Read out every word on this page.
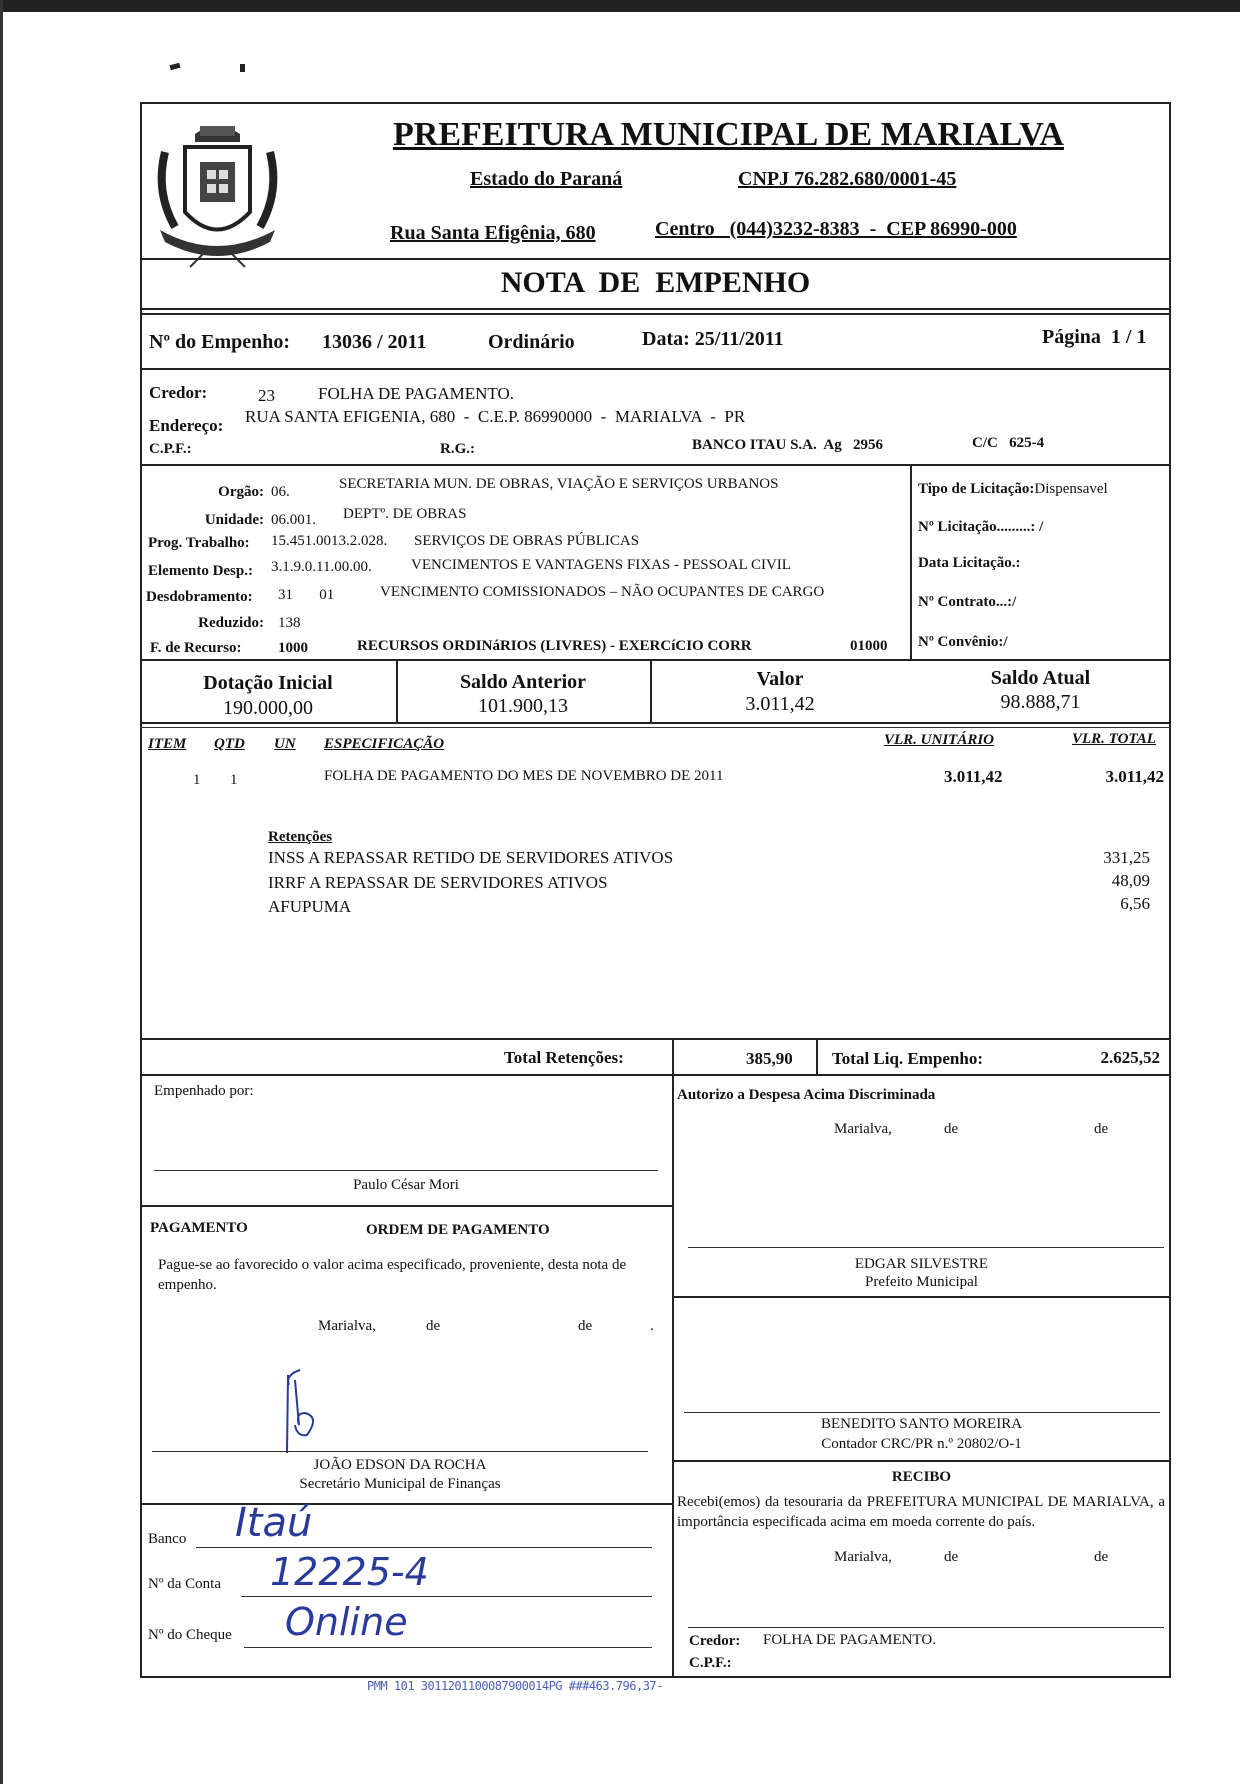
PREFEITURA MUNICIPAL DE MARIALVA
Estado do Paraná	CNPJ 76.282.680/0001-45
Rua Santa Efigênia, 680	Centro   (044)3232-8383  -  CEP 86990-000
NOTA  DE  EMPENHO
Nº do Empenho: 13036 / 2011	Ordinário	Data: 25/11/2011	Página  1 / 1
Credor:	23	FOLHA DE PAGAMENTO.
Endereço: RUA SANTA EFIGENIA, 680  -  C.E.P. 86990000  -  MARIALVA  -  PR
C.P.F.:	R.G.:	BANCO ITAU S.A.  Ag   2956	C/C   625-4
Orgão: 06.	SECRETARIA MUN. DE OBRAS, VIAÇÃO E SERVIÇOS URBANOS
Unidade: 06.001. DEPTº. DE OBRAS
Prog. Trabalho: 15.451.0013.2.028. SERVIÇOS DE OBRAS PÚBLICAS
Elemento Desp.: 3.1.9.0.11.00.00.	VENCIMENTOS E VANTAGENS FIXAS - PESSOAL CIVIL
Desdobramento: 31       01	VENCIMENTO COMISSIONADOS – NÃO OCUPANTES DE CARGO
Reduzido: 138
F. de Recurso: 1000	RECURSOS ORDINáRIOS (LIVRES) - EXERCíCIO CORR	01000
Tipo de Licitação:Dispensavel
Nº Licitação.........: /
Data Licitação.:
Nº Contrato...:/
Nº Convênio:/
Dotação Inicial
190.000,00
Saldo Anterior
101.900,13
Valor
3.011,42
Saldo Atual
98.888,71
ITEM QTD UN ESPECIFICAÇÃO	VLR. UNITÁRIO	VLR. TOTAL
1 1	FOLHA DE PAGAMENTO DO MES DE NOVEMBRO DE 2011	3.011,42	3.011,42
Retenções
INSS A REPASSAR RETIDO DE SERVIDORES ATIVOS	331,25
IRRF A REPASSAR DE SERVIDORES ATIVOS	48,09
AFUPUMA	6,56
Total Retenções:	385,90 Total Liq. Empenho:	2.625,52
Empenhado por:
Paulo César Mori
PAGAMENTO	ORDEM DE PAGAMENTO
Pague-se ao favorecido o valor acima especificado, proveniente, desta nota de empenho.
Marialva,	de	de	.
JOÃO EDSON DA ROCHA
Secretário Municipal de Finanças
Banco Itaú
Nº da Conta 12225-4
Nº do Cheque Online
Autorizo a Despesa Acima Discriminada
Marialva,	de	de
EDGAR SILVESTRE
Prefeito Municipal
BENEDITO SANTO MOREIRA
Contador CRC/PR n.º 20802/O-1
RECIBO
Recebi(emos) da tesouraria da PREFEITURA MUNICIPAL DE MARIALVA, a importância especificada acima em moeda corrente do país.
Marialva,	de	de
Credor: FOLHA DE PAGAMENTO.
C.P.F.:
PMM 101 3011201100087900014PG ###463.796,37-
